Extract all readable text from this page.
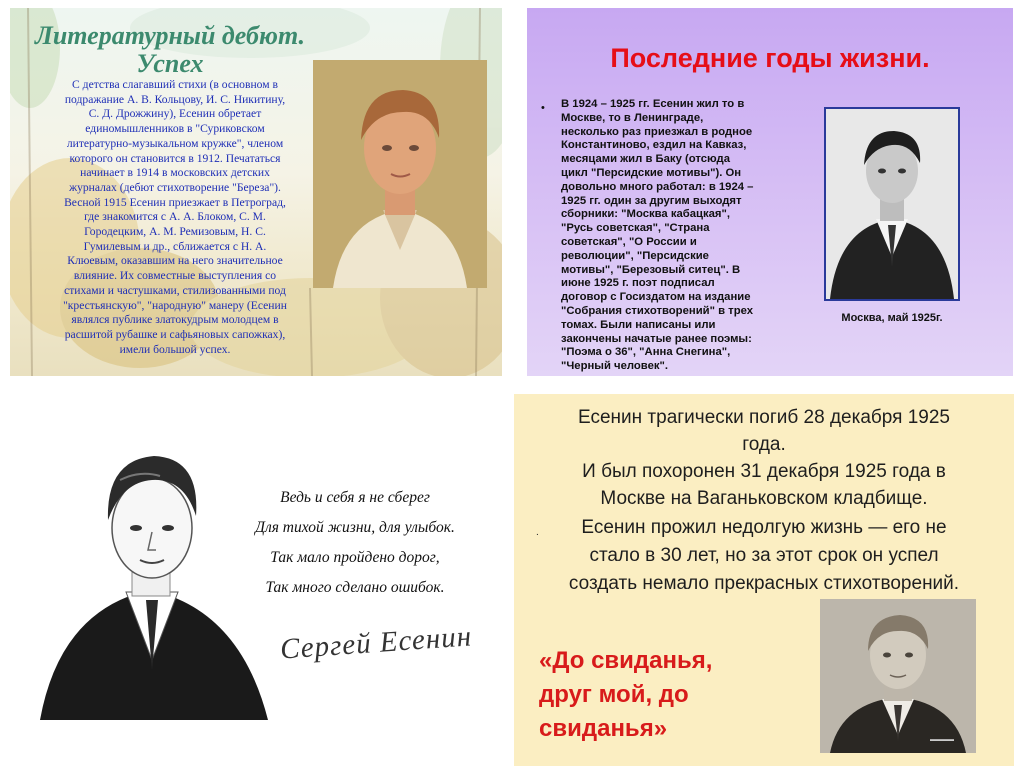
Литературный дебют.
Успех
С детства слагавший стихи (в основном в
подражание А. В. Кольцову, И. С. Никитину,
С. Д. Дрожжину), Есенин обретает
единомышленников в "Суриковском
литературно-музыкальном кружке", членом
которого он становится в 1912. Печататься
начинает в 1914 в московских детских
журналах (дебют стихотворение "Береза").
Весной 1915 Есенин приезжает в Петроград,
где знакомится с А. А. Блоком, С. М.
Городецким, А. М. Ремизовым, Н. С.
Гумилевым и др., сближается с Н. А.
Клюевым, оказавшим на него значительное
влияние. Их совместные выступления со
стихами и частушками, стилизованными под
"крестьянскую", "народную" манеру (Есенин
являлся публике златокудрым молодцем в
расшитой рубашке и сафьяновых сапожках),
имели большой успех.
Последние годы жизни.
• В 1924 – 1925 гг. Есенин жил то в
Москве, то в Ленинграде,
несколько раз приезжал в родное
Константиново, ездил на Кавказ,
месяцами жил в Баку (отсюда
цикл "Персидские мотивы"). Он
довольно много работал: в 1924 –
1925 гг. один за другим выходят
сборники: "Москва кабацкая",
"Русь советская", "Страна
советская", "О России и
революции", "Персидские
мотивы", "Березовый ситец". В
июне 1925 г. поэт подписал
договор с Госиздатом на издание
"Собрания стихотворений" в трех
томах. Были написаны или
закончены начатые ранее поэмы:
"Поэма о 36", "Анна Снегина",
"Черный человек".
Москва, май 1925г.
Ведь и себя я не сберег
Для тихой жизни, для улыбок.
Так мало пройдено дорог,
Так много сделано ошибок.
Сергей Есенин
Есенин трагически погиб 28 декабря 1925
года.
И был похоронен 31 декабря 1925 года в
Москве на Ваганьковском кладбище.
.	Есенин прожил недолгую жизнь — его не
стало в 30 лет, но за этот срок он успел
создать немало прекрасных стихотворений.
«До свиданья,
друг мой, до
свиданья»	▬▬▬▬
